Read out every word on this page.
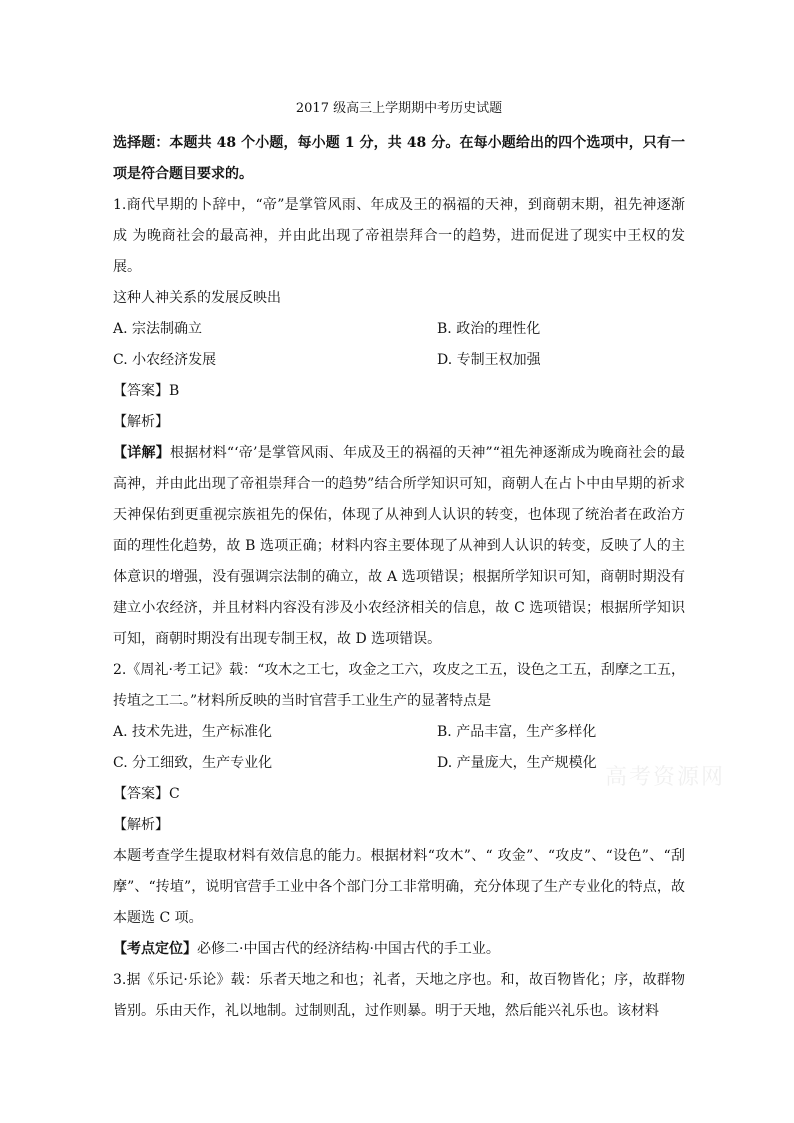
2017 级高三上学期期中考历史试题

选择题：本题共 48 个小题，每小题 1 分，共 48 分。在每小题给出的四个选项中，只有一项是符合题目要求的。

1.商代早期的卜辞中，“帝”是掌管风雨、年成及王的祸福的天神，到商朝末期，祖先神逐渐成 为晚商社会的最高神，并由此出现了帝祖崇拜合一的趋势，进而促进了现实中王权的发展。

这种人神关系的发展反映出

A. 宗法制确立	B. 政治的理性化
C. 小农经济发展	D. 专制王权加强

【答案】B

【解析】

【详解】根据材料“‘帝’是掌管风雨、年成及王的祸福的天神”“祖先神逐渐成为晚商社会的最高神，并由此出现了帝祖崇拜合一的趋势”结合所学知识可知，商朝人在占卜中由早期的祈求天神保佑到更重视宗族祖先的保佑，体现了从神到人认识的转变，也体现了统治者在政治方面的理性化趋势，故 B 选项正确；材料内容主要体现了从神到人认识的转变，反映了人的主体意识的增强，没有强调宗法制的确立，故 A 选项错误；根据所学知识可知，商朝时期没有建立小农经济，并且材料内容没有涉及小农经济相关的信息，故 C 选项错误；根据所学知识可知，商朝时期没有出现专制王权，故 D 选项错误。

2.《周礼·考工记》载：“攻木之工七，攻金之工六，攻皮之工五，设色之工五，刮摩之工五，抟埴之工二。”材料所反映的当时官营手工业生产的显著特点是

A. 技术先进，生产标准化	B. 产品丰富，生产多样化
C. 分工细致，生产专业化	D. 产量庞大，生产规模化

【答案】C

【解析】

本题考查学生提取材料有效信息的能力。根据材料“攻木”、“ 攻金”、“攻皮”、“设色”、“刮摩”、“抟埴”，说明官营手工业中各个部门分工非常明确，充分体现了生产专业化的特点，故本题选 C 项。

【考点定位】必修二·中国古代的经济结构·中国古代的手工业。

3.据《乐记·乐论》载：乐者天地之和也；礼者，天地之序也。和，故百物皆化；序，故群物皆别。乐由天作，礼以地制。过制则乱，过作则暴。明于天地，然后能兴礼乐也。该材料

高考资源网
